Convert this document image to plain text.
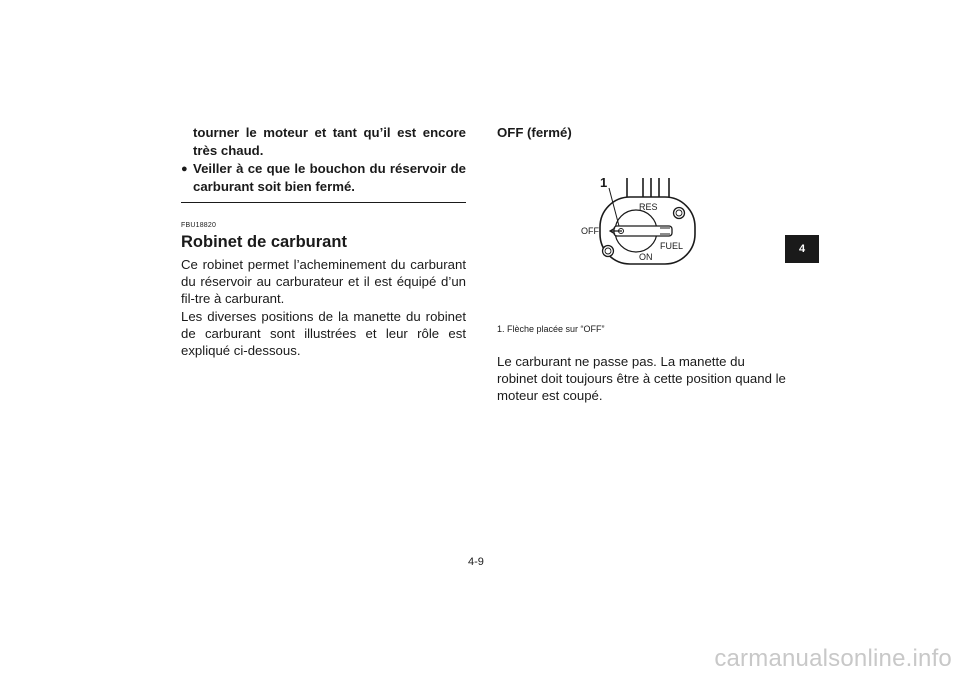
tourner le moteur et tant qu’il est encore très chaud.

● Veiller à ce que le bouchon du réservoir de carburant soit bien fermé.

FBU18820
Robinet de carburant

Ce robinet permet l’acheminement du carburant du réservoir au carburateur et il est équipé d’un fil-tre à carburant.

Les diverses positions de la manette du robinet de carburant sont illustrées et leur rôle est expliqué ci-dessous.

OFF (fermé)

1
RES
OFF
FUEL
ON
1. Flèche placée sur “OFF”

Le carburant ne passe pas. La manette du robinet doit toujours être à cette position quand le moteur est coupé.

4
4-9
carmanualsonline.info
